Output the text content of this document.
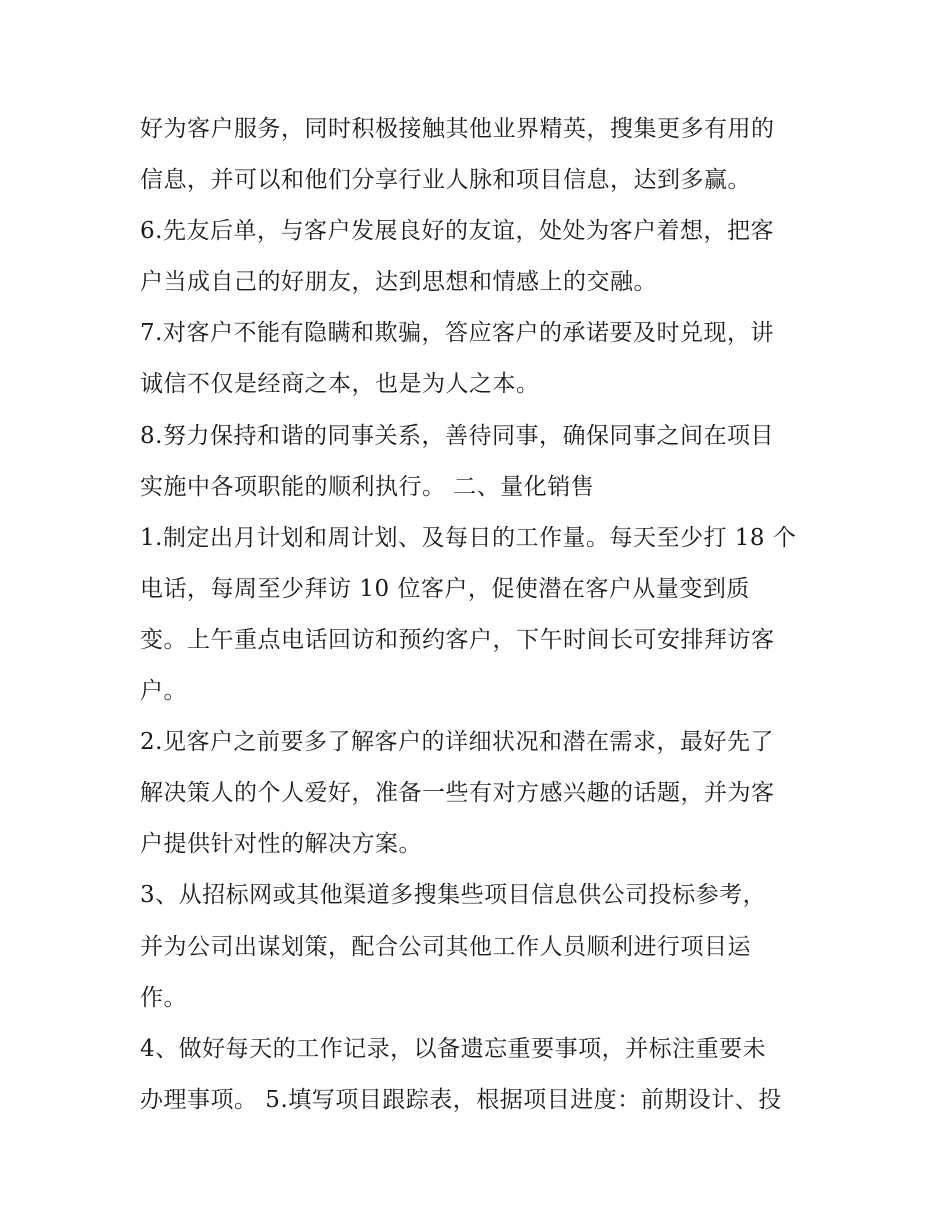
好为客户服务，同时积极接触其他业界精英，搜集更多有用的

信息，并可以和他们分享行业人脉和项目信息，达到多赢。

6.先友后单，与客户发展良好的友谊，处处为客户着想，把客

户当成自己的好朋友，达到思想和情感上的交融。

7.对客户不能有隐瞒和欺骗，答应客户的承诺要及时兑现，讲

诚信不仅是经商之本，也是为人之本。

8.努力保持和谐的同事关系，善待同事，确保同事之间在项目

实施中各项职能的顺利执行。 二、量化销售

1.制定出月计划和周计划、及每日的工作量。每天至少打 18 个

电话，每周至少拜访 10 位客户，促使潜在客户从量变到质

变。上午重点电话回访和预约客户，下午时间长可安排拜访客

户。

2.见客户之前要多了解客户的详细状况和潜在需求，最好先了

解决策人的个人爱好，准备一些有对方感兴趣的话题，并为客

户提供针对性的解决方案。

3、从招标网或其他渠道多搜集些项目信息供公司投标参考，

并为公司出谋划策，配合公司其他工作人员顺利进行项目运

作。

4、做好每天的工作记录，以备遗忘重要事项，并标注重要未

办理事项。 5.填写项目跟踪表，根据项目进度：前期设计、投
